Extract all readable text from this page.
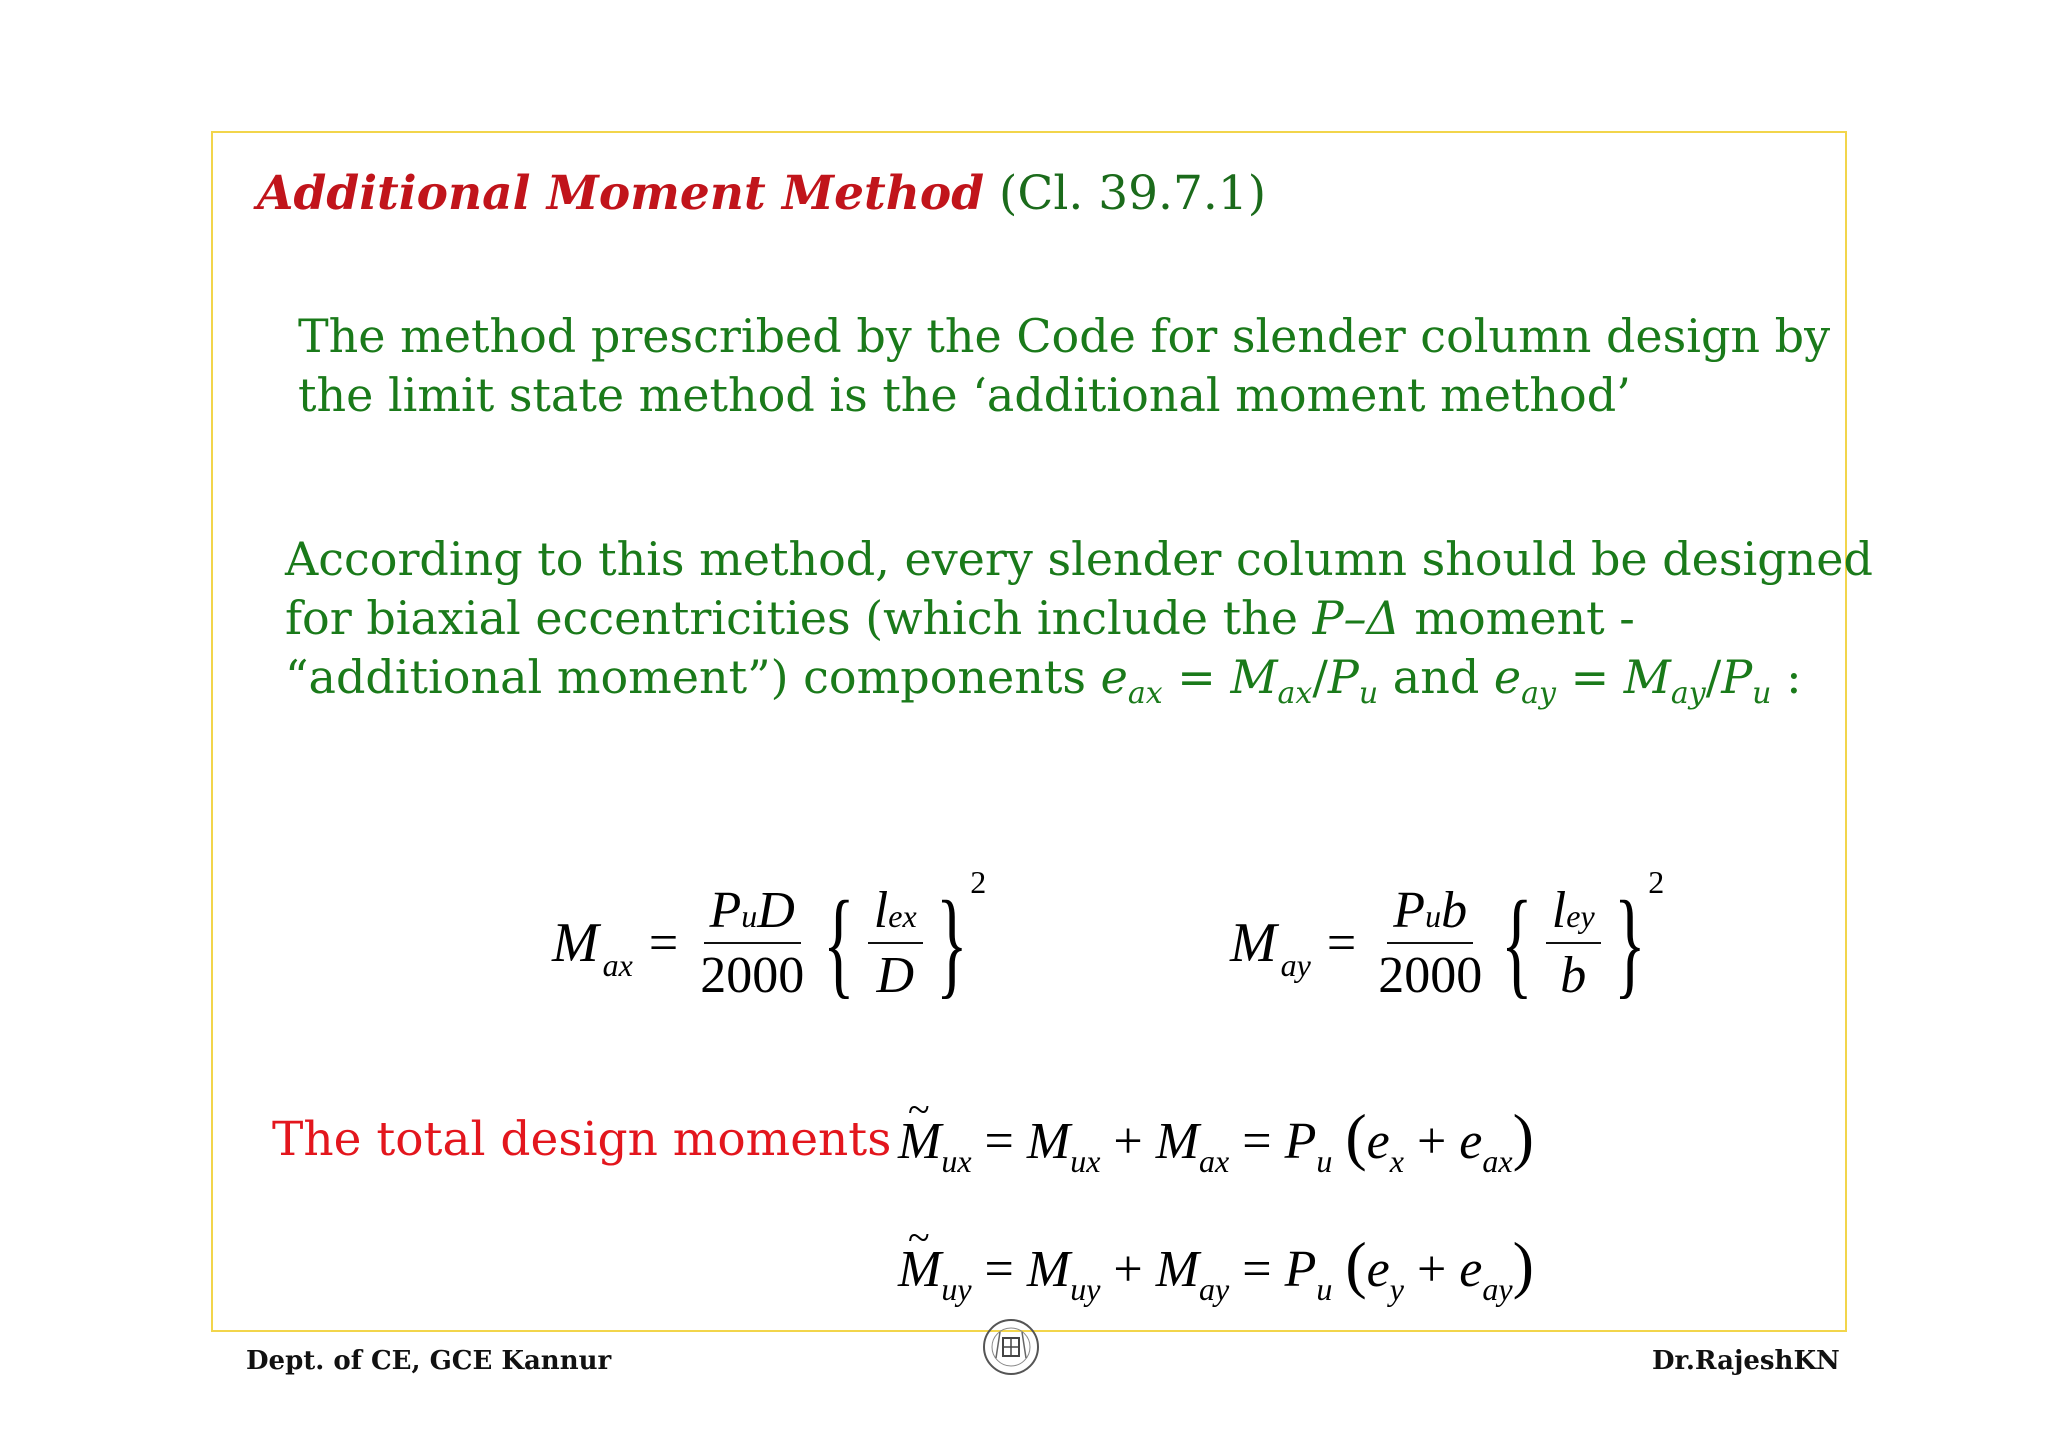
Additional Moment Method (Cl. 39.7.1)
The method prescribed by the Code for slender column design by
the limit state method is the ‘additional moment method’
According to this method, every slender column should be designed
for biaxial eccentricities (which include the P–Δ moment -
“additional moment”) components $e_{ax} = M_{ax}/P_u$ and $e_{ay} = M_{ay}/P_u$ :
M ax = $\frac{\text{PuD}}{2000}$ { $\frac{\text{lex}}{D}$ } 2
M ay = $\frac{\text{Pub}}{2000}$ { $\frac{\text{ley}}{b}$ } 2
The total design moments
~ $M_{ux} = M_{ux} + M_{ax} = P_u$ $(e_x + e_{ax})$
~ $M_{uy} = M_{uy} + M_{ay} = P_u$ $(e_y + e_{ay})$
Dept. of CE, GCE Kannur	Dr.RajeshKN
